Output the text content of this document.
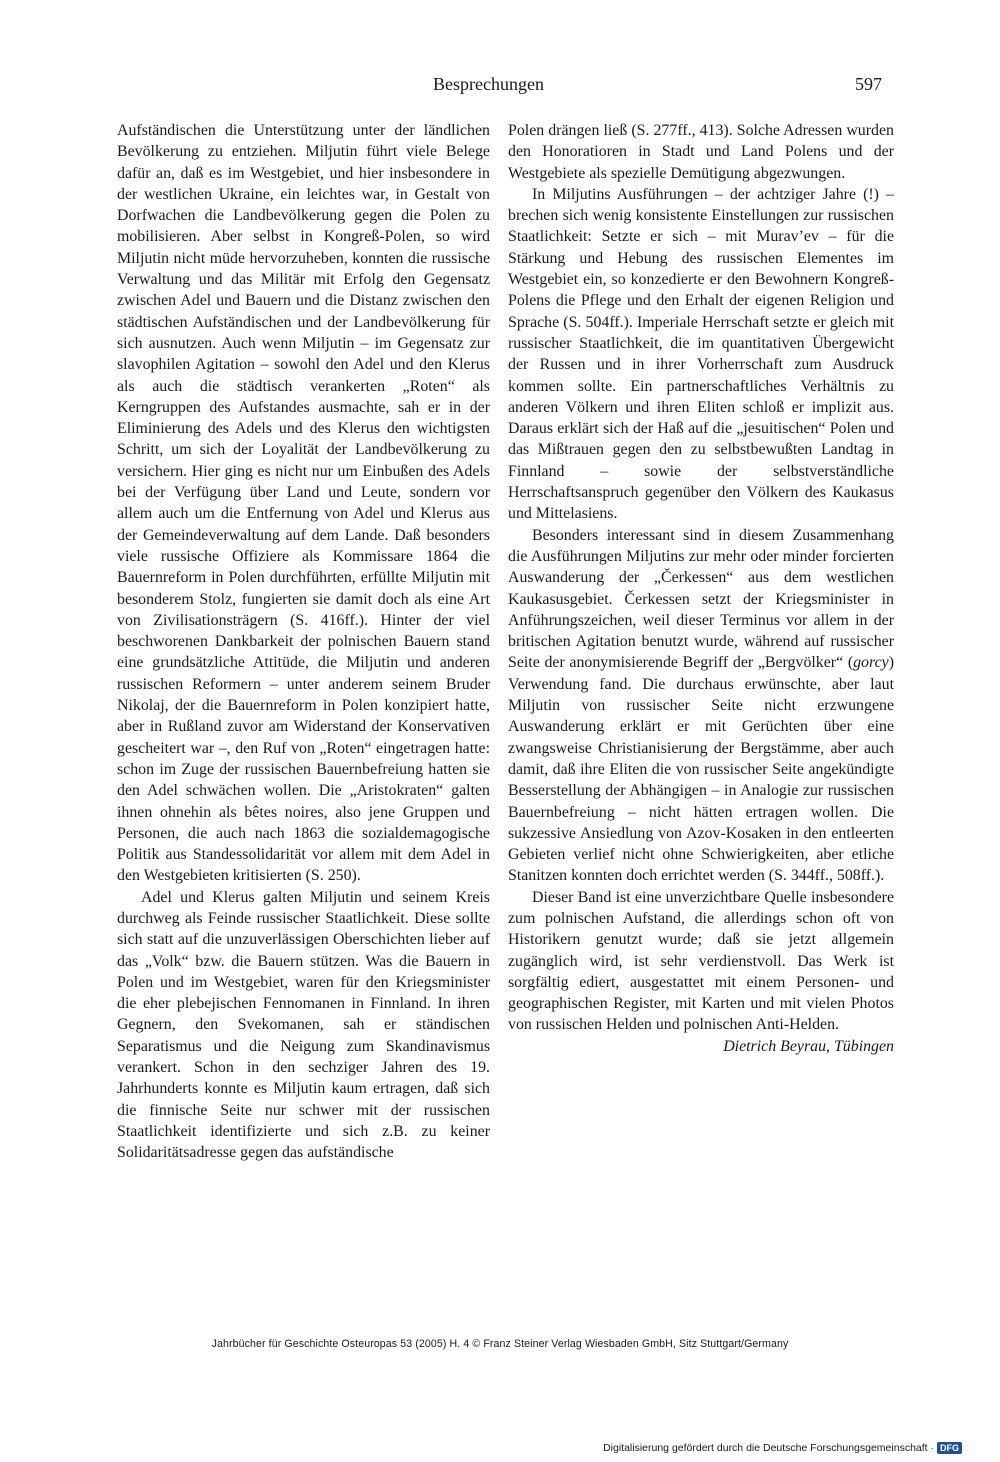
Besprechungen	597

Aufständischen die Unterstützung unter der ländlichen Bevölkerung zu entziehen. Miljutin führt viele Belege dafür an, daß es im Westgebiet, und hier insbesondere in der westlichen Ukraine, ein leichtes war, in Gestalt von Dorfwachen die Landbevölkerung gegen die Polen zu mobilisieren. Aber selbst in Kongreß-Polen, so wird Miljutin nicht müde hervorzuheben, konnten die russische Verwaltung und das Militär mit Erfolg den Gegensatz zwischen Adel und Bauern und die Distanz zwischen den städtischen Aufständischen und der Landbevölkerung für sich ausnutzen. Auch wenn Miljutin – im Gegensatz zur slavophilen Agitation – sowohl den Adel und den Klerus als auch die städtisch verankerten „Roten“ als Kerngruppen des Aufstandes ausmachte, sah er in der Eliminierung des Adels und des Klerus den wichtigsten Schritt, um sich der Loyalität der Landbevölkerung zu versichern. Hier ging es nicht nur um Einbußen des Adels bei der Verfügung über Land und Leute, sondern vor allem auch um die Entfernung von Adel und Klerus aus der Gemeindeverwaltung auf dem Lande. Daß besonders viele russische Offiziere als Kommissare 1864 die Bauernreform in Polen durchführten, erfüllte Miljutin mit besonderem Stolz, fungierten sie damit doch als eine Art von Zivilisationsträgern (S. 416ff.). Hinter der viel beschworenen Dankbarkeit der polnischen Bauern stand eine grundsätzliche Attitüde, die Miljutin und anderen russischen Reformern – unter anderem seinem Bruder Nikolaj, der die Bauernreform in Polen konzipiert hatte, aber in Rußland zuvor am Widerstand der Konservativen gescheitert war –, den Ruf von „Roten“ eingetragen hatte: schon im Zuge der russischen Bauernbefreiung hatten sie den Adel schwächen wollen. Die „Aristokraten“ galten ihnen ohnehin als bêtes noires, also jene Gruppen und Personen, die auch nach 1863 die sozialdemagogische Politik aus Standessolidarität vor allem mit dem Adel in den Westgebieten kritisierten (S. 250).

Adel und Klerus galten Miljutin und seinem Kreis durchweg als Feinde russischer Staatlichkeit. Diese sollte sich statt auf die unzuverlässigen Oberschichten lieber auf das „Volk“ bzw. die Bauern stützen. Was die Bauern in Polen und im Westgebiet, waren für den Kriegsminister die eher plebejischen Fennomanen in Finnland. In ihren Gegnern, den Svekomanen, sah er ständischen Separatismus und die Neigung zum Skandinavismus verankert. Schon in den sechziger Jahren des 19. Jahrhunderts konnte es Miljutin kaum ertragen, daß sich die finnische Seite nur schwer mit der russischen Staatlichkeit identifizierte und sich z.B. zu keiner Solidaritätsadresse gegen das aufständische

Polen drängen ließ (S. 277ff., 413). Solche Adressen wurden den Honoratioren in Stadt und Land Polens und der Westgebiete als spezielle Demütigung abgezwungen.

In Miljutins Ausführungen – der achtziger Jahre (!) – brechen sich wenig konsistente Einstellungen zur russischen Staatlichkeit: Setzte er sich – mit Murav’ev – für die Stärkung und Hebung des russischen Elementes im Westgebiet ein, so konzedierte er den Bewohnern Kongreß-Polens die Pflege und den Erhalt der eigenen Religion und Sprache (S. 504ff.). Imperiale Herrschaft setzte er gleich mit russischer Staatlichkeit, die im quantitativen Übergewicht der Russen und in ihrer Vorherrschaft zum Ausdruck kommen sollte. Ein partnerschaftliches Verhältnis zu anderen Völkern und ihren Eliten schloß er implizit aus. Daraus erklärt sich der Haß auf die „jesuitischen“ Polen und das Mißtrauen gegen den zu selbstbewußten Landtag in Finnland – sowie der selbstverständliche Herrschaftsanspruch gegenüber den Völkern des Kaukasus und Mittelasiens.

Besonders interessant sind in diesem Zusammenhang die Ausführungen Miljutins zur mehr oder minder forcierten Auswanderung der „Čerkessen“ aus dem westlichen Kaukasusgebiet. Čerkessen setzt der Kriegsminister in Anführungszeichen, weil dieser Terminus vor allem in der britischen Agitation benutzt wurde, während auf russischer Seite der anonymisierende Begriff der „Bergvölker“ (gorcy) Verwendung fand. Die durchaus erwünschte, aber laut Miljutin von russischer Seite nicht erzwungene Auswanderung erklärt er mit Gerüchten über eine zwangsweise Christianisierung der Bergstämme, aber auch damit, daß ihre Eliten die von russischer Seite angekündigte Besserstellung der Abhängigen – in Analogie zur russischen Bauernbefreiung – nicht hätten ertragen wollen. Die sukzessive Ansiedlung von Azov-Kosaken in den entleerten Gebieten verlief nicht ohne Schwierigkeiten, aber etliche Stanitzen konnten doch errichtet werden (S. 344ff., 508ff.).

Dieser Band ist eine unverzichtbare Quelle insbesondere zum polnischen Aufstand, die allerdings schon oft von Historikern genutzt wurde; daß sie jetzt allgemein zugänglich wird, ist sehr verdienstvoll. Das Werk ist sorgfältig ediert, ausgestattet mit einem Personen- und geographischen Register, mit Karten und mit vielen Photos von russischen Helden und polnischen Anti-Helden.

Dietrich Beyrau, Tübingen

Jahrbücher für Geschichte Osteuropas 53 (2005) H. 4 © Franz Steiner Verlag Wiesbaden GmbH, Sitz Stuttgart/Germany
Digitalisierung gefördert durch die Deutsche Forschungsgemeinschaft · DFG
